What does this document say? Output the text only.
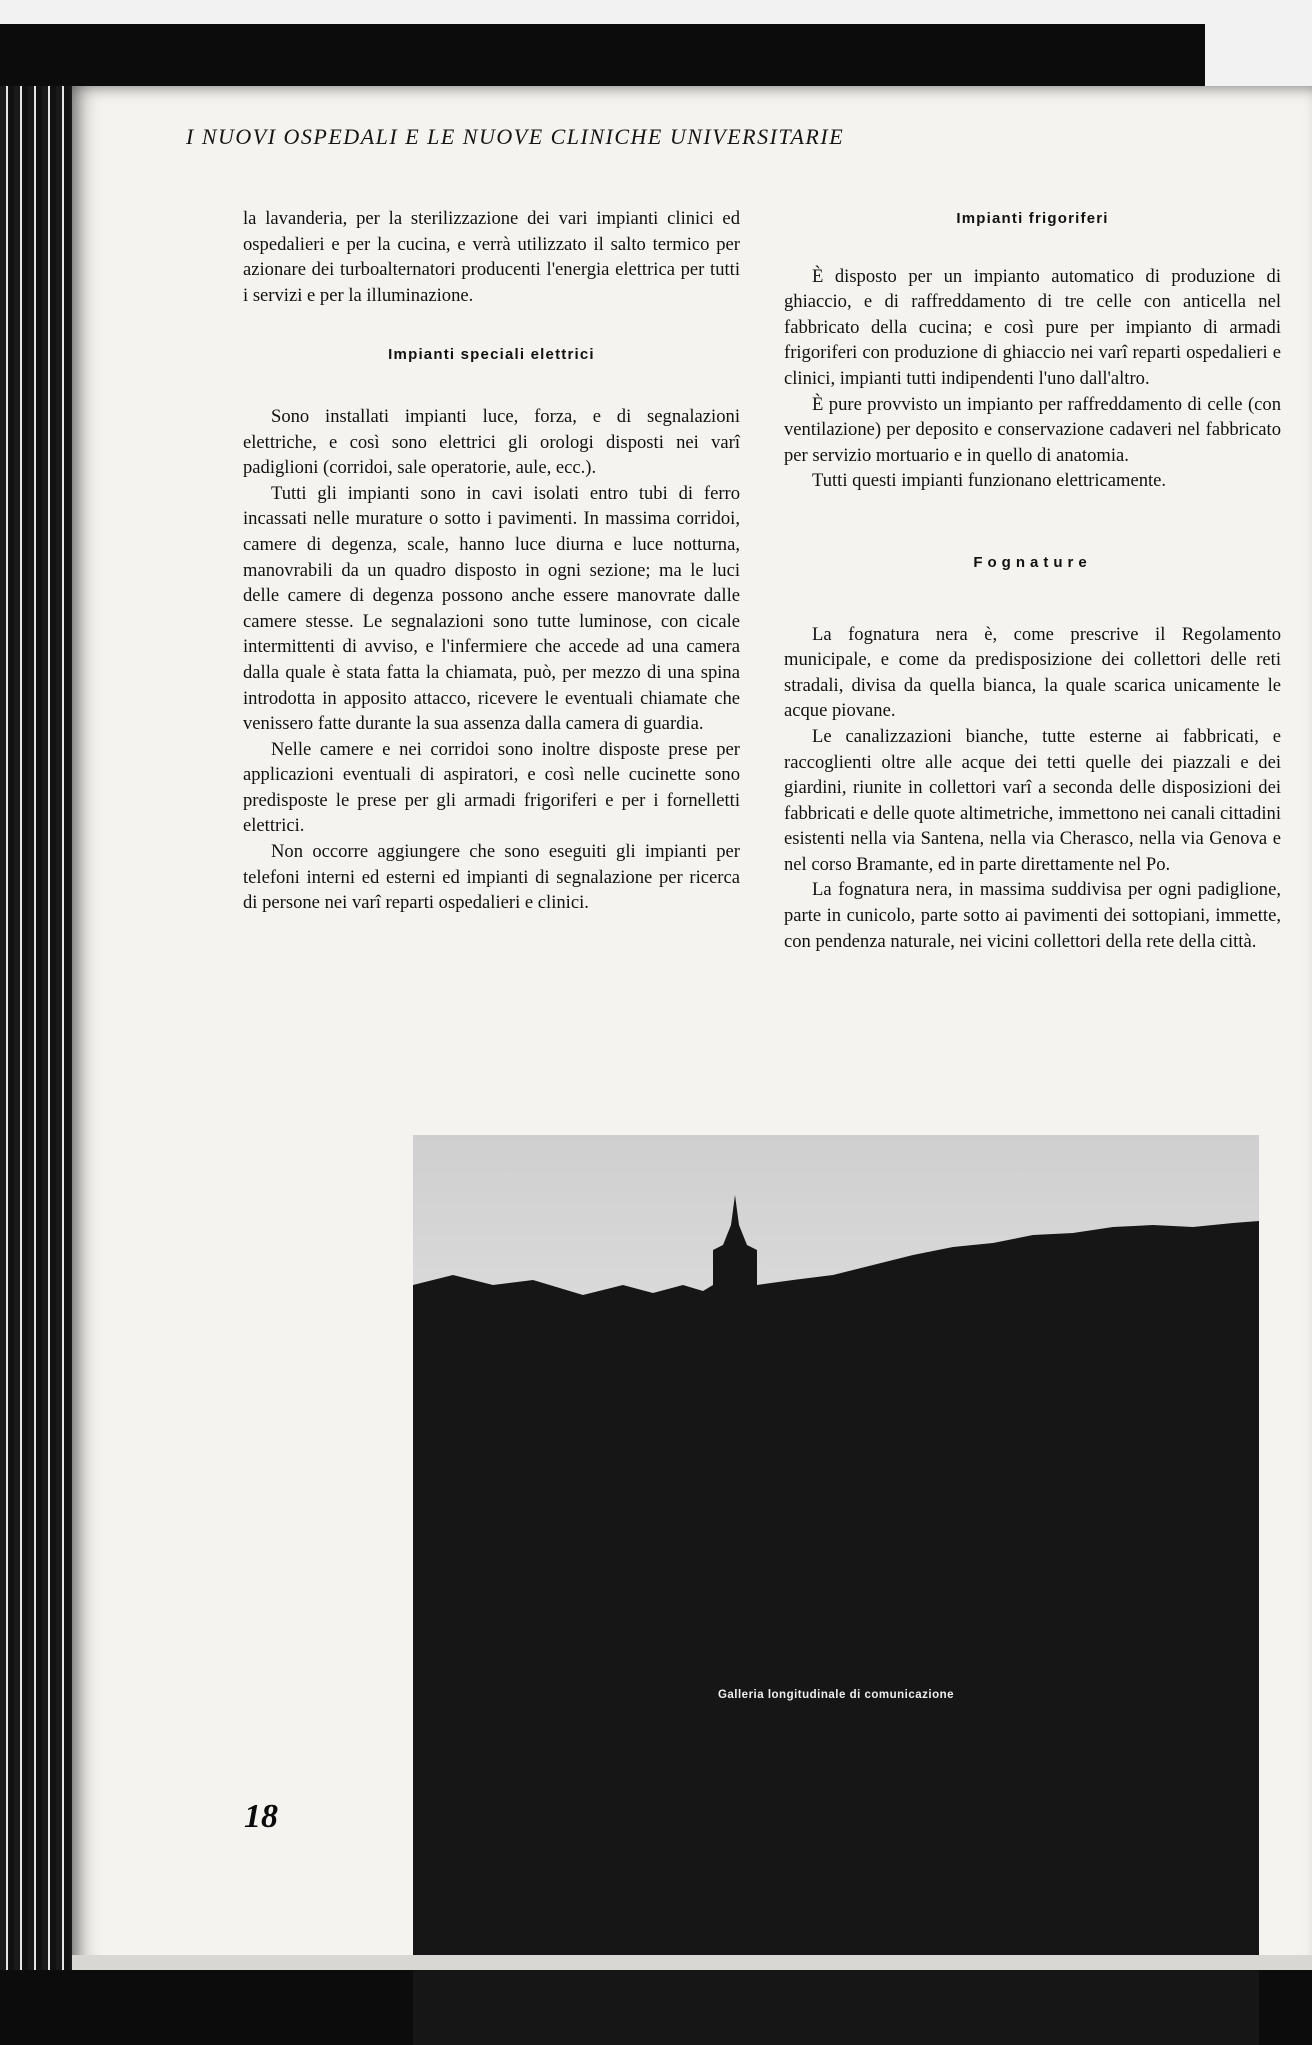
I NUOVI OSPEDALI E LE NUOVE CLINICHE UNIVERSITARIE

la lavanderia, per la sterilizzazione dei vari impianti clinici ed ospedalieri e per la cucina, e verrà utilizzato il salto termico per azionare dei turboalternatori producenti l'energia elettrica per tutti i servizi e per la illuminazione.

Impianti speciali elettrici

Sono installati impianti luce, forza, e di segnalazioni elettriche, e così sono elettrici gli orologi disposti nei varî padiglioni (corridoi, sale operatorie, aule, ecc.).

Tutti gli impianti sono in cavi isolati entro tubi di ferro incassati nelle murature o sotto i pavimenti. In massima corridoi, camere di degenza, scale, hanno luce diurna e luce notturna, manovrabili da un quadro disposto in ogni sezione; ma le luci delle camere di degenza possono anche essere manovrate dalle camere stesse. Le segnalazioni sono tutte luminose, con cicale intermittenti di avviso, e l'infermiere che accede ad una camera dalla quale è stata fatta la chiamata, può, per mezzo di una spina introdotta in apposito attacco, ricevere le eventuali chiamate che venissero fatte durante la sua assenza dalla camera di guardia.

Nelle camere e nei corridoi sono inoltre disposte prese per applicazioni eventuali di aspiratori, e così nelle cucinette sono predisposte le prese per gli armadi frigoriferi e per i fornelletti elettrici.

Non occorre aggiungere che sono eseguiti gli impianti per telefoni interni ed esterni ed impianti di segnalazione per ricerca di persone nei varî reparti ospedalieri e clinici.

Impianti frigoriferi

È disposto per un impianto automatico di produzione di ghiaccio, e di raffreddamento di tre celle con anticella nel fabbricato della cucina; e così pure per impianto di armadi frigoriferi con produzione di ghiaccio nei varî reparti ospedalieri e clinici, impianti tutti indipendenti l'uno dall'altro.

È pure provvisto un impianto per raffreddamento di celle (con ventilazione) per deposito e conservazione cadaveri nel fabbricato per servizio mortuario e in quello di anatomia.

Tutti questi impianti funzionano elettricamente.

Fognature

La fognatura nera è, come prescrive il Regolamento municipale, e come da predisposizione dei collettori delle reti stradali, divisa da quella bianca, la quale scarica unicamente le acque piovane.

Le canalizzazioni bianche, tutte esterne ai fabbricati, e raccoglienti oltre alle acque dei tetti quelle dei piazzali e dei giardini, riunite in collettori varî a seconda delle disposizioni dei fabbricati e delle quote altimetriche, immettono nei canali cittadini esistenti nella via Santena, nella via Cherasco, nella via Genova e nel corso Bramante, ed in parte direttamente nel Po.

La fognatura nera, in massima suddivisa per ogni padiglione, parte in cunicolo, parte sotto ai pavimenti dei sottopiani, immette, con pendenza naturale, nei vicini collettori della rete della città.

Galleria longitudinale di comunicazione
18
